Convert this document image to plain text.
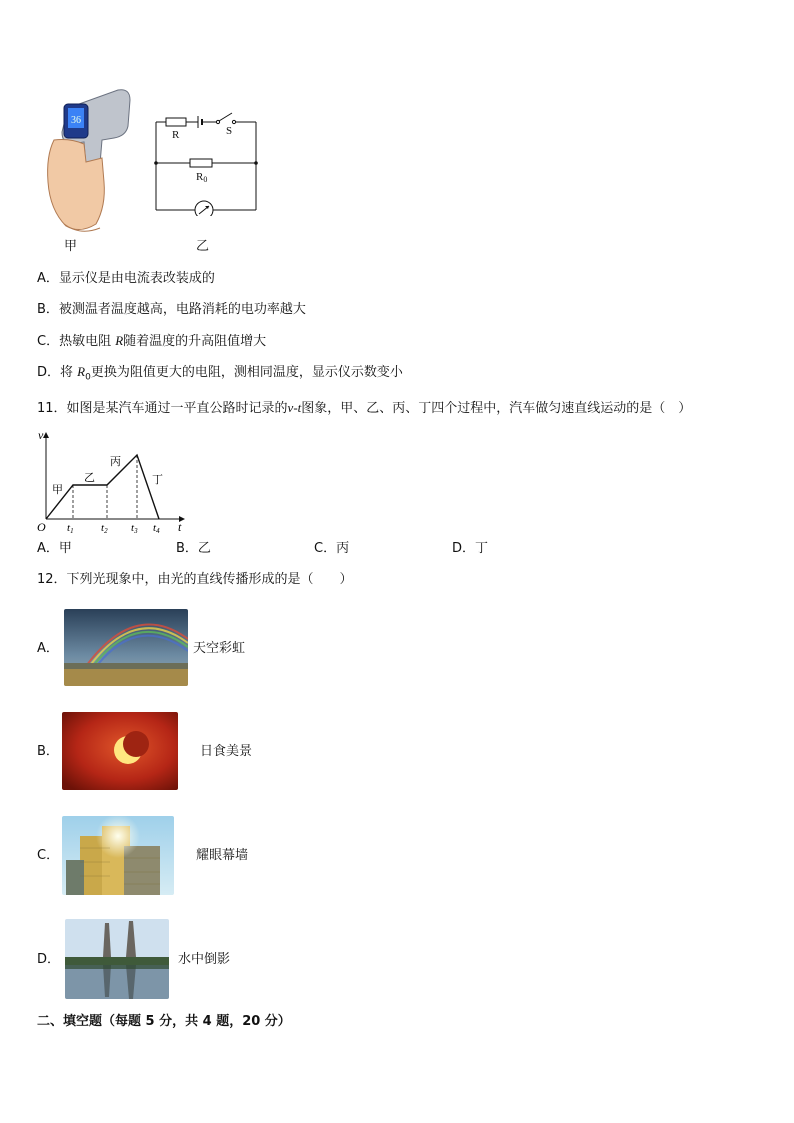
36
甲
R	S
R0
乙
A．显示仪是由电流表改装成的
B．被测温者温度越高，电路消耗的电功率越大
C．热敏电阻 R随着温度的升高阻值增大
D．将 $R_0$更换为阻值更大的电阻，测相同温度，显示仪示数变小
11．如图是某汽车通过一平直公路时记录的v-t图象，甲、乙、丙、丁四个过程中，汽车做匀速直线运动的是（　）
v
t
O
甲
乙
丙
丁
t1 t2 t3 t4
A．甲	B．乙	C．丙	D．丁
12．下列光现象中，由光的直线传播形成的是（　　）
A．	天空彩虹
B．	日食美景
C．	耀眼幕墙
D．	水中倒影
二、填空题（每题 5 分，共 4 题，20 分）
